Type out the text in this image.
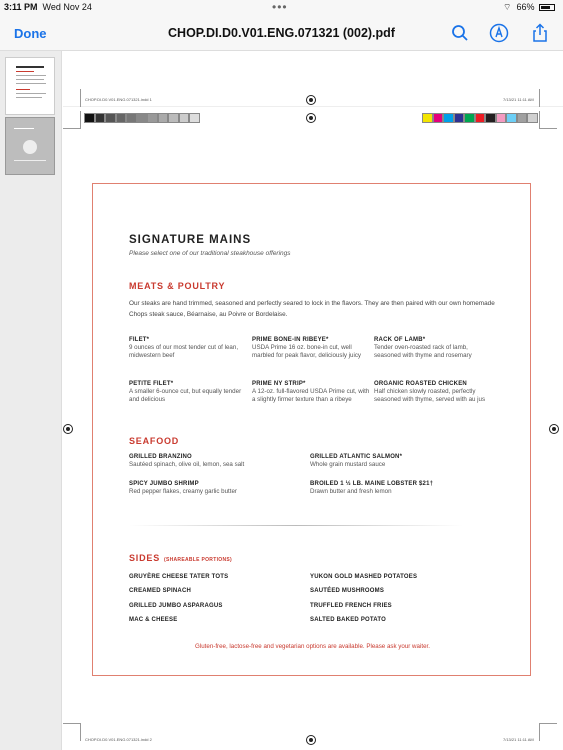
3:11 PM Wed Nov 24	•••	⌔ 66%
Done	CHOP.DI.D0.V01.ENG.071321 (002).pdf
CHOP.DI.D0.V01.ENG.071321.indd 1	7/13/21 11:11 AM
SIGNATURE MAINS
Please select one of our traditional steakhouse offerings
MEATS & POULTRY
Our steaks are hand trimmed, seasoned and perfectly seared to lock in the flavors. They are then paired with our own homemade Chops steak sauce, Béarnaise, au Poivre or Bordelaise.
FILET*
9 ounces of our most tender cut of lean, midwestern beef
PRIME BONE-IN RIBEYE*
USDA Prime 16 oz. bone-in cut, well marbled for peak flavor, deliciously juicy
RACK OF LAMB*
Tender oven-roasted rack of lamb, seasoned with thyme and rosemary
PETITE FILET*
A smaller 6-ounce cut, but equally tender and delicious
PRIME NY STRIP*
A 12-oz. full-flavored USDA Prime cut, with a slightly firmer texture than a ribeye
ORGANIC ROASTED CHICKEN
Half chicken slowly roasted, perfectly seasoned with thyme, served with au jus
SEAFOOD
GRILLED BRANZINO
Sautéed spinach, olive oil, lemon, sea salt
GRILLED ATLANTIC SALMON*
Whole grain mustard sauce
SPICY JUMBO SHRIMP
Red pepper flakes, creamy garlic butter
BROILED 1 ½ LB. MAINE LOBSTER $21†
Drawn butter and fresh lemon
SIDES (SHAREABLE PORTIONS)
GRUYÈRE CHEESE TATER TOTS	YUKON GOLD MASHED POTATOES
CREAMED SPINACH	SAUTÉED MUSHROOMS
GRILLED JUMBO ASPARAGUS	TRUFFLED FRENCH FRIES
MAC & CHEESE	SALTED BAKED POTATO
Gluten-free, lactose-free and vegetarian options are available. Please ask your waiter.
CHOP.DI.D0.V01.ENG.071321.indd 2	7/13/21 11:11 AM
